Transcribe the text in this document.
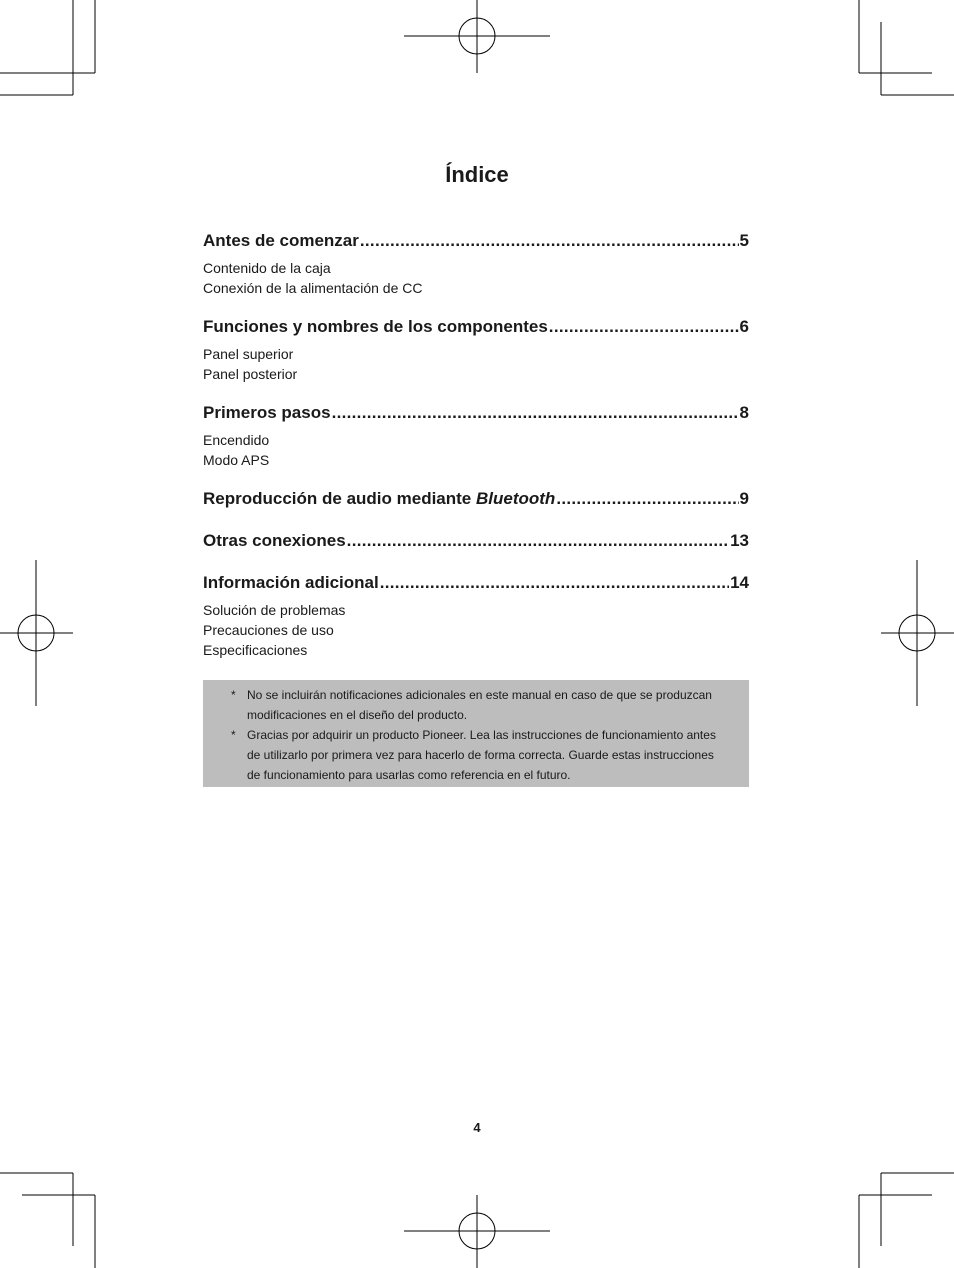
Índice
Antes de comenzar .....	5
Contenido de la caja
Conexión de la alimentación de CC
Funciones y nombres de los componentes .....	6
Panel superior
Panel posterior
Primeros pasos .....	8
Encendido
Modo APS
Reproducción de audio mediante Bluetooth .....	9
Otras conexiones .....	13
Información adicional .....	14
Solución de problemas
Precauciones de uso
Especificaciones
* No se incluirán notificaciones adicionales en este manual en caso de que se produzcan modificaciones en el diseño del producto.
* Gracias por adquirir un producto Pioneer. Lea las instrucciones de funcionamiento antes de utilizarlo por primera vez para hacerlo de forma correcta. Guarde estas instrucciones de funcionamiento para usarlas como referencia en el futuro.
4
